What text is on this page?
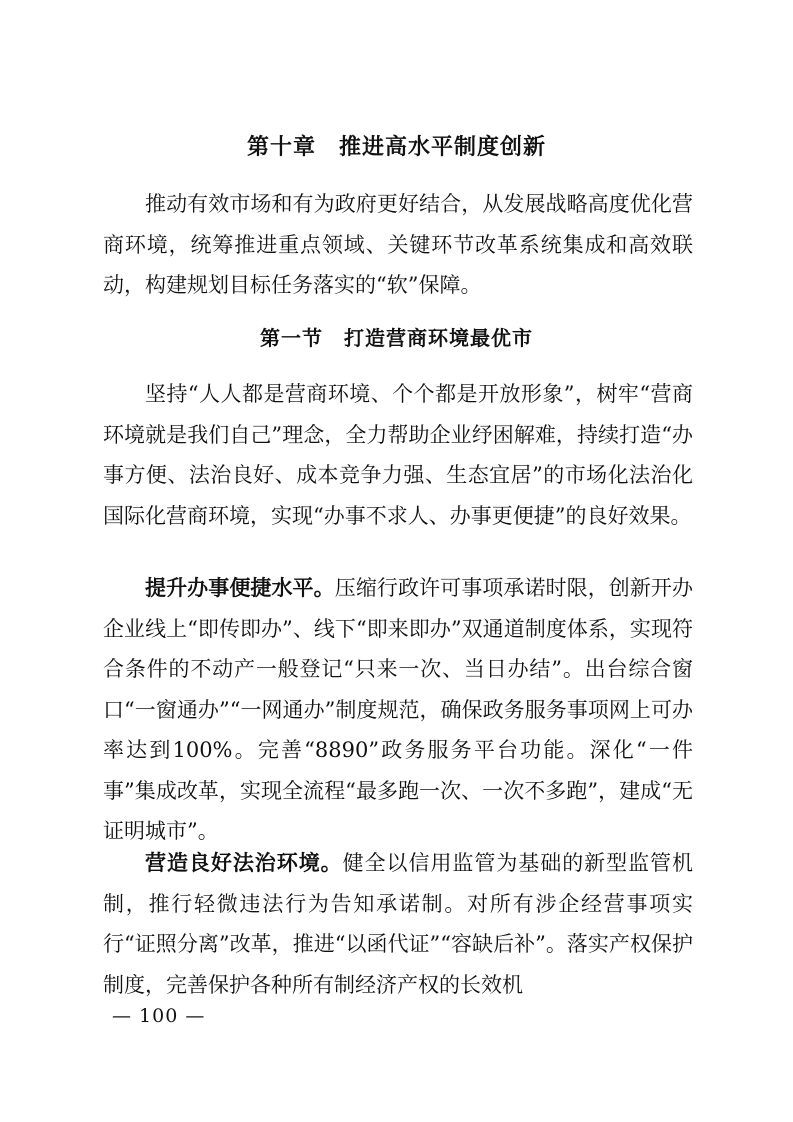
第十章　推进高水平制度创新

推动有效市场和有为政府更好结合，从发展战略高度优化营商环境，统筹推进重点领域、关键环节改革系统集成和高效联动，构建规划目标任务落实的“软”保障。

第一节　打造营商环境最优市

坚持“人人都是营商环境、个个都是开放形象”，树牢“营商环境就是我们自己”理念，全力帮助企业纾困解难，持续打造“办事方便、法治良好、成本竞争力强、生态宜居”的市场化法治化国际化营商环境，实现“办事不求人、办事更便捷”的良好效果。

提升办事便捷水平。压缩行政许可事项承诺时限，创新开办企业线上“即传即办”、线下“即来即办”双通道制度体系，实现符合条件的不动产一般登记“只来一次、当日办结”。出台综合窗口“一窗通办”“一网通办”制度规范，确保政务服务事项网上可办率达到100%。完善“8890”政务服务平台功能。深化“一件事”集成改革，实现全流程“最多跑一次、一次不多跑”，建成“无证明城市”。

营造良好法治环境。健全以信用监管为基础的新型监管机制，推行轻微违法行为告知承诺制。对所有涉企经营事项实行“证照分离”改革，推进“以函代证”“容缺后补”。落实产权保护制度，完善保护各种所有制经济产权的长效机

— 100 —
